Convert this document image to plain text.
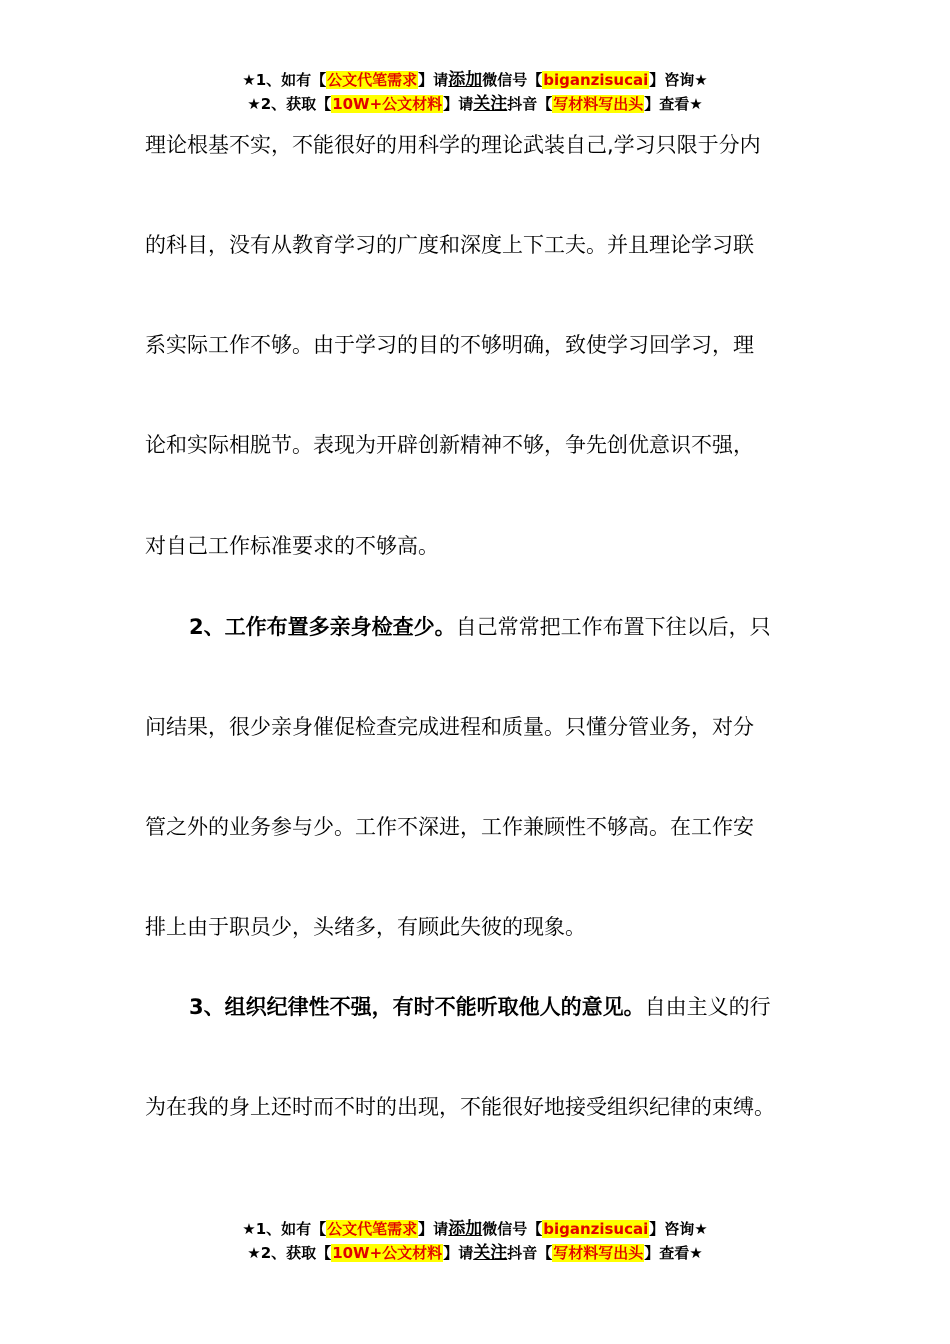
★1、如有【公文代笔需求】请添加微信号【biganzisucai】咨询★
★2、获取【10W+公文材料】请关注抖音【写材料写出头】查看★
理论根基不实，不能很好的用科学的理论武装自己,学习只限于分内
的科目，没有从教育学习的广度和深度上下工夫。并且理论学习联
系实际工作不够。由于学习的目的不够明确，致使学习回学习，理
论和实际相脱节。表现为开辟创新精神不够，争先创优意识不强，
对自己工作标准要求的不够高。
2、工作布置多亲身检查少。自己常常把工作布置下往以后，只
问结果，很少亲身催促检查完成进程和质量。只懂分管业务，对分
管之外的业务参与少。工作不深进，工作兼顾性不够高。在工作安
排上由于职员少，头绪多，有顾此失彼的现象。
3、组织纪律性不强，有时不能听取他人的意见。自由主义的行
为在我的身上还时而不时的出现，不能很好地接受组织纪律的束缚。
★1、如有【公文代笔需求】请添加微信号【biganzisucai】咨询★
★2、获取【10W+公文材料】请关注抖音【写材料写出头】查看★
